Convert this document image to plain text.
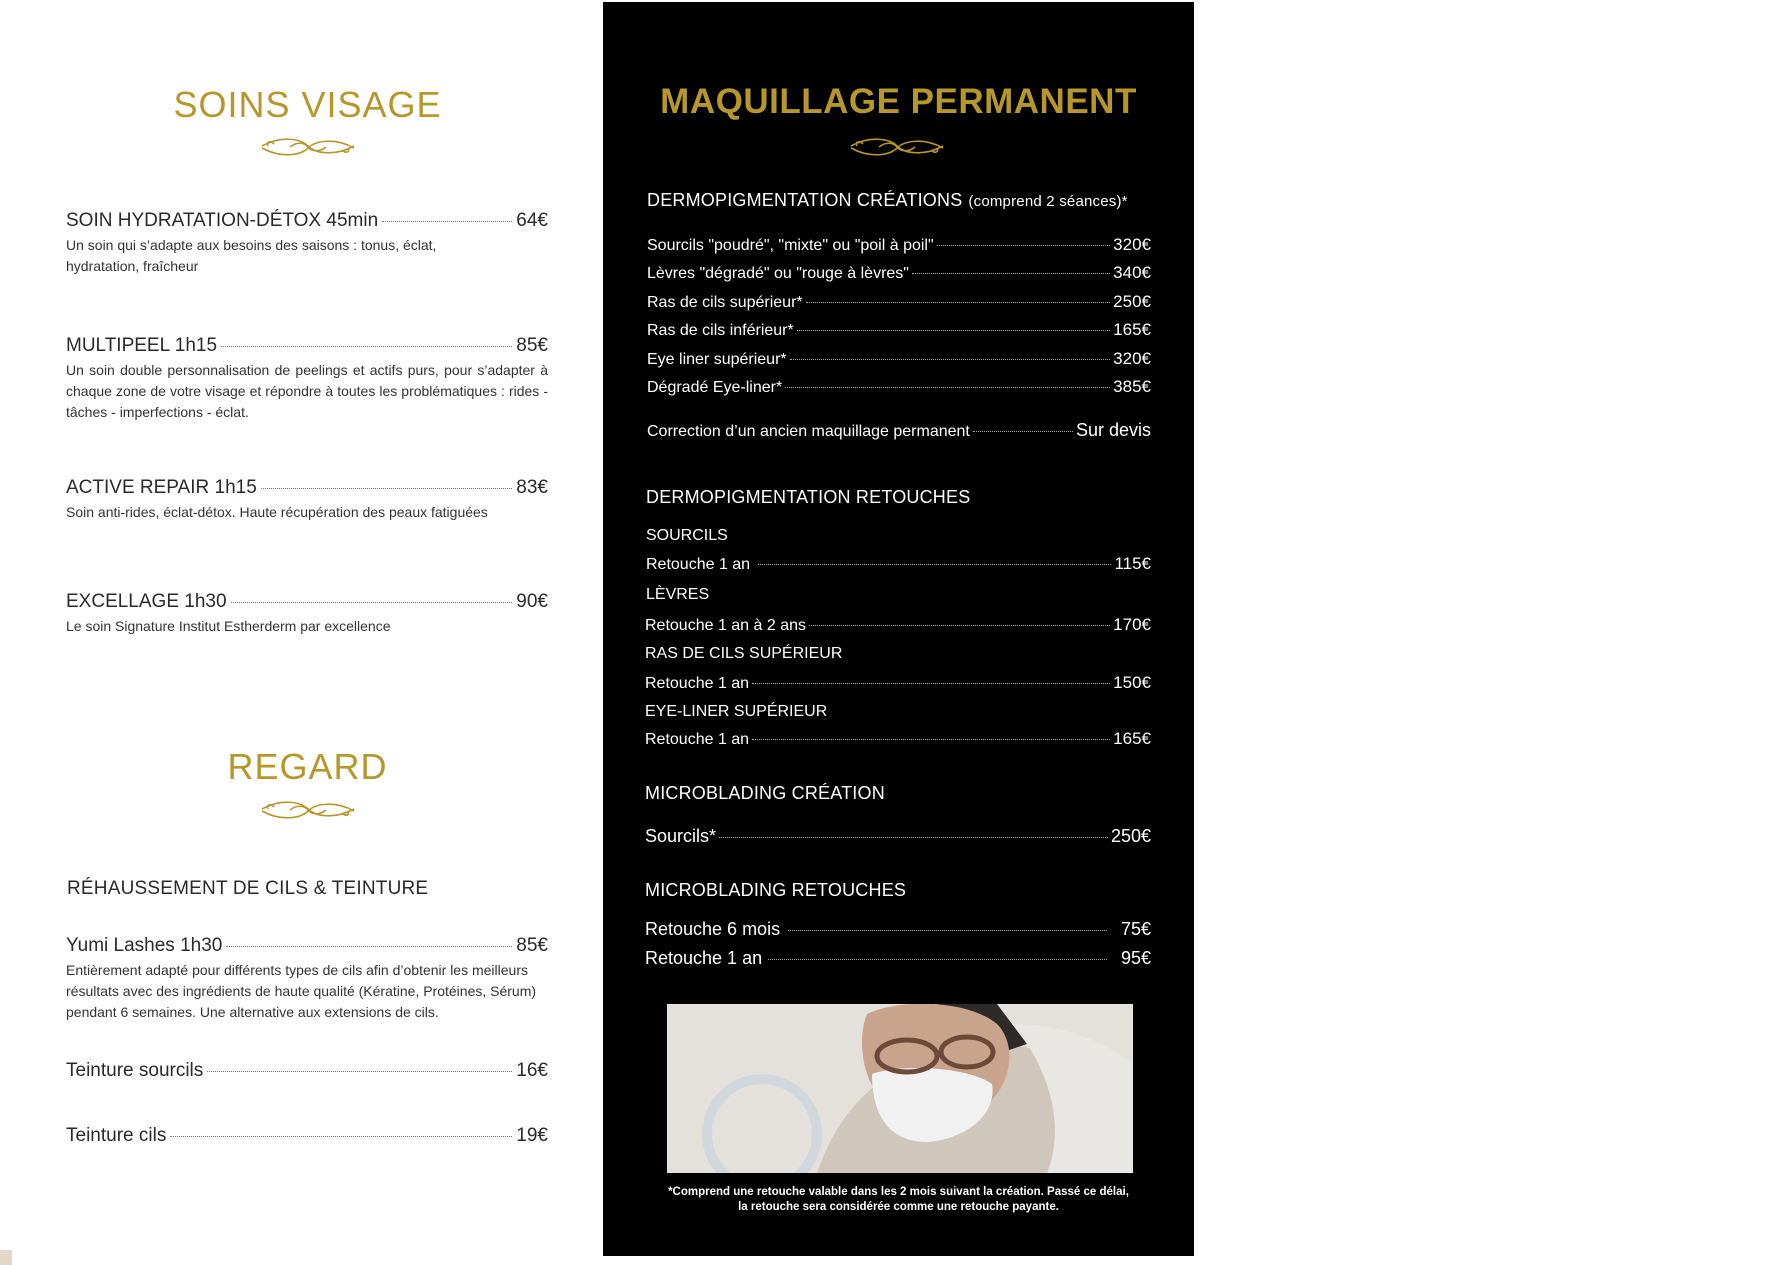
SOINS VISAGE
SOIN HYDRATATION-DÉTOX 45min	64€
Un soin qui s’adapte aux besoins des saisons : tonus, éclat, hydratation, fraîcheur
MULTIPEEL 1h15	85€
Un soin double personnalisation de peelings et actifs purs, pour s’adapter à chaque zone de votre visage et répondre à toutes les problématiques : rides - tâches - imperfections - éclat.
ACTIVE REPAIR 1h15	83€
Soin anti-rides, éclat-détox. Haute récupération des peaux fatiguées
EXCELLAGE 1h30	90€
Le soin Signature Institut Estherderm par excellence
REGARD
RÉHAUSSEMENT DE CILS & TEINTURE
Yumi Lashes 1h30	85€
Entièrement adapté pour différents types de cils afin d’obtenir les meilleurs résultats avec des ingrédients de haute qualité (Kératine, Protéines, Sérum) pendant 6 semaines. Une alternative aux extensions de cils.
Teinture sourcils	16€
Teinture cils	19€
MAQUILLAGE PERMANENT
DERMOPIGMENTATION CRÉATIONS (comprend 2 séances)*
Sourcils "poudré", "mixte" ou "poil à poil"	320€
Lèvres "dégradé" ou "rouge à lèvres"	340€
Ras de cils supérieur*	250€
Ras de cils inférieur*	165€
Eye liner supérieur*	320€
Dégradé Eye-liner*	385€
Correction d’un ancien maquillage permanent	Sur devis
DERMOPIGMENTATION RETOUCHES
SOURCILS
Retouche 1 an	115€
LÈVRES
Retouche 1 an à 2 ans	170€
RAS DE CILS SUPÉRIEUR
Retouche 1 an	150€
EYE-LINER SUPÉRIEUR
Retouche 1 an	165€
MICROBLADING CRÉATION
Sourcils*	250€
MICROBLADING RETOUCHES
Retouche 6 mois	75€
Retouche 1 an	95€
*Comprend une retouche valable dans les 2 mois suivant la création. Passé ce délai,
la retouche sera considérée comme une retouche payante.
